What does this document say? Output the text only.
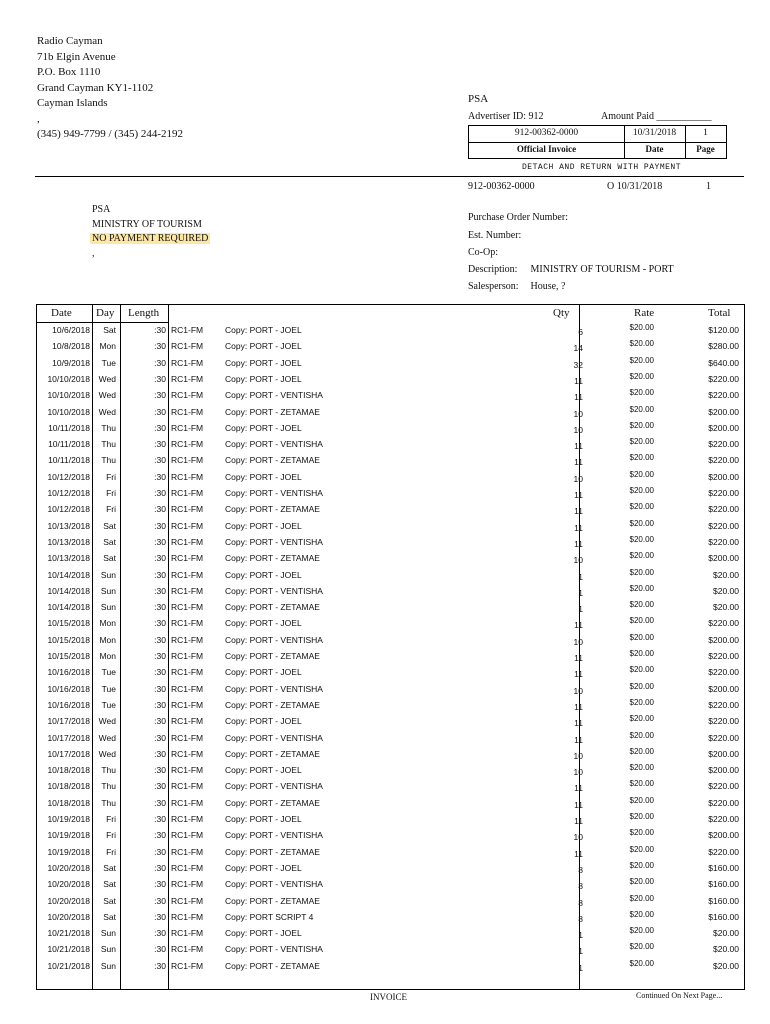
Radio Cayman
71b Elgin Avenue
P.O. Box 1110
Grand Cayman KY1-1102
Cayman Islands
,
(345) 949-7799 / (345) 244-2192
PSA
Advertiser ID: 912	Amount Paid ___________
912-00362-0000	10/31/2018	1
Official Invoice	Date	Page
DETACH AND RETURN WITH PAYMENT
912-00362-0000	O 10/31/2018	1
PSA
MINISTRY OF TOURISM
NO PAYMENT REQUIRED
,
Purchase Order Number:
Est. Number:
Co-Op:
Description: MINISTRY OF TOURISM - PORT
Salesperson: House, ?
Date Day Length	Qty	Rate	Total
10/6/2018	Sat	:30 RC1-FM	Copy: PORT - JOEL	6	$20.00	$120.00
10/8/2018	Mon	:30 RC1-FM	Copy: PORT - JOEL	14	$20.00	$280.00
10/9/2018	Tue	:30 RC1-FM	Copy: PORT - JOEL	32	$20.00	$640.00
10/10/2018	Wed	:30 RC1-FM	Copy: PORT - JOEL	11	$20.00	$220.00
10/10/2018	Wed	:30 RC1-FM	Copy: PORT - VENTISHA	11	$20.00	$220.00
10/10/2018	Wed	:30 RC1-FM	Copy: PORT - ZETAMAE	10	$20.00	$200.00
10/11/2018	Thu	:30 RC1-FM	Copy: PORT - JOEL	10	$20.00	$200.00
10/11/2018	Thu	:30 RC1-FM	Copy: PORT - VENTISHA	11	$20.00	$220.00
10/11/2018	Thu	:30 RC1-FM	Copy: PORT - ZETAMAE	11	$20.00	$220.00
10/12/2018	Fri	:30 RC1-FM	Copy: PORT - JOEL	10	$20.00	$200.00
10/12/2018	Fri	:30 RC1-FM	Copy: PORT - VENTISHA	11	$20.00	$220.00
10/12/2018	Fri	:30 RC1-FM	Copy: PORT - ZETAMAE	11	$20.00	$220.00
10/13/2018	Sat	:30 RC1-FM	Copy: PORT - JOEL	11	$20.00	$220.00
10/13/2018	Sat	:30 RC1-FM	Copy: PORT - VENTISHA	11	$20.00	$220.00
10/13/2018	Sat	:30 RC1-FM	Copy: PORT - ZETAMAE	10	$20.00	$200.00
10/14/2018	Sun	:30 RC1-FM	Copy: PORT - JOEL	1	$20.00	$20.00
10/14/2018	Sun	:30 RC1-FM	Copy: PORT - VENTISHA	1	$20.00	$20.00
10/14/2018	Sun	:30 RC1-FM	Copy: PORT - ZETAMAE	1	$20.00	$20.00
10/15/2018	Mon	:30 RC1-FM	Copy: PORT - JOEL	11	$20.00	$220.00
10/15/2018	Mon	:30 RC1-FM	Copy: PORT - VENTISHA	10	$20.00	$200.00
10/15/2018	Mon	:30 RC1-FM	Copy: PORT - ZETAMAE	11	$20.00	$220.00
10/16/2018	Tue	:30 RC1-FM	Copy: PORT - JOEL	11	$20.00	$220.00
10/16/2018	Tue	:30 RC1-FM	Copy: PORT - VENTISHA	10	$20.00	$200.00
10/16/2018	Tue	:30 RC1-FM	Copy: PORT - ZETAMAE	11	$20.00	$220.00
10/17/2018	Wed	:30 RC1-FM	Copy: PORT - JOEL	11	$20.00	$220.00
10/17/2018	Wed	:30 RC1-FM	Copy: PORT - VENTISHA	11	$20.00	$220.00
10/17/2018	Wed	:30 RC1-FM	Copy: PORT - ZETAMAE	10	$20.00	$200.00
10/18/2018	Thu	:30 RC1-FM	Copy: PORT - JOEL	10	$20.00	$200.00
10/18/2018	Thu	:30 RC1-FM	Copy: PORT - VENTISHA	11	$20.00	$220.00
10/18/2018	Thu	:30 RC1-FM	Copy: PORT - ZETAMAE	11	$20.00	$220.00
10/19/2018	Fri	:30 RC1-FM	Copy: PORT - JOEL	11	$20.00	$220.00
10/19/2018	Fri	:30 RC1-FM	Copy: PORT - VENTISHA	10	$20.00	$200.00
10/19/2018	Fri	:30 RC1-FM	Copy: PORT - ZETAMAE	11	$20.00	$220.00
10/20/2018	Sat	:30 RC1-FM	Copy: PORT - JOEL	8	$20.00	$160.00
10/20/2018	Sat	:30 RC1-FM	Copy: PORT - VENTISHA	8	$20.00	$160.00
10/20/2018	Sat	:30 RC1-FM	Copy: PORT - ZETAMAE	8	$20.00	$160.00
10/20/2018	Sat	:30 RC1-FM	Copy: PORT SCRIPT 4	8	$20.00	$160.00
10/21/2018	Sun	:30 RC1-FM	Copy: PORT - JOEL	1	$20.00	$20.00
10/21/2018	Sun	:30 RC1-FM	Copy: PORT - VENTISHA	1	$20.00	$20.00
10/21/2018	Sun	:30 RC1-FM	Copy: PORT - ZETAMAE	1	$20.00	$20.00
INVOICE	Continued On Next Page...
